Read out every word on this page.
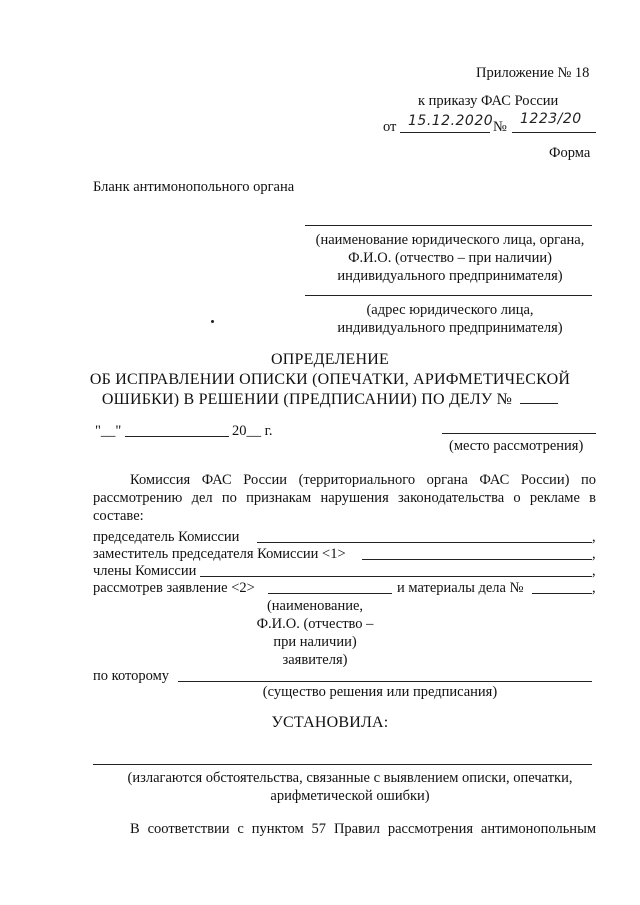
Приложение № 18
к приказу ФАС России
от 15.12.2020 № 1223/20
Форма
Бланк антимонопольного органа
(наименование юридического лица, органа,
Ф.И.О. (отчество – при наличии)
индивидуального предпринимателя)
(адрес юридического лица,
индивидуального предпринимателя)
ОПРЕДЕЛЕНИЕ
ОБ ИСПРАВЛЕНИИ ОПИСКИ (ОПЕЧАТКИ, АРИФМЕТИЧЕСКОЙ
ОШИБКИ) В РЕШЕНИИ (ПРЕДПИСАНИИ) ПО ДЕЛУ №
"__"	20__ г.
(место рассмотрения)
Комиссия ФАС России (территориального органа ФАС России) по
рассмотрению дел по признакам нарушения законодательства о рекламе в
составе:
председатель Комиссии	,
заместитель председателя Комиссии <1>	,
члены Комиссии	,
рассмотрев заявление <2>	и материалы дела №	,
(наименование,
Ф.И.О. (отчество –
при наличии)
заявителя)
по которому
(существо решения или предписания)
УСТАНОВИЛА:
(излагаются обстоятельства, связанные с выявлением описки, опечатки,
арифметической ошибки)
В соответствии с пунктом 57 Правил рассмотрения антимонопольным
